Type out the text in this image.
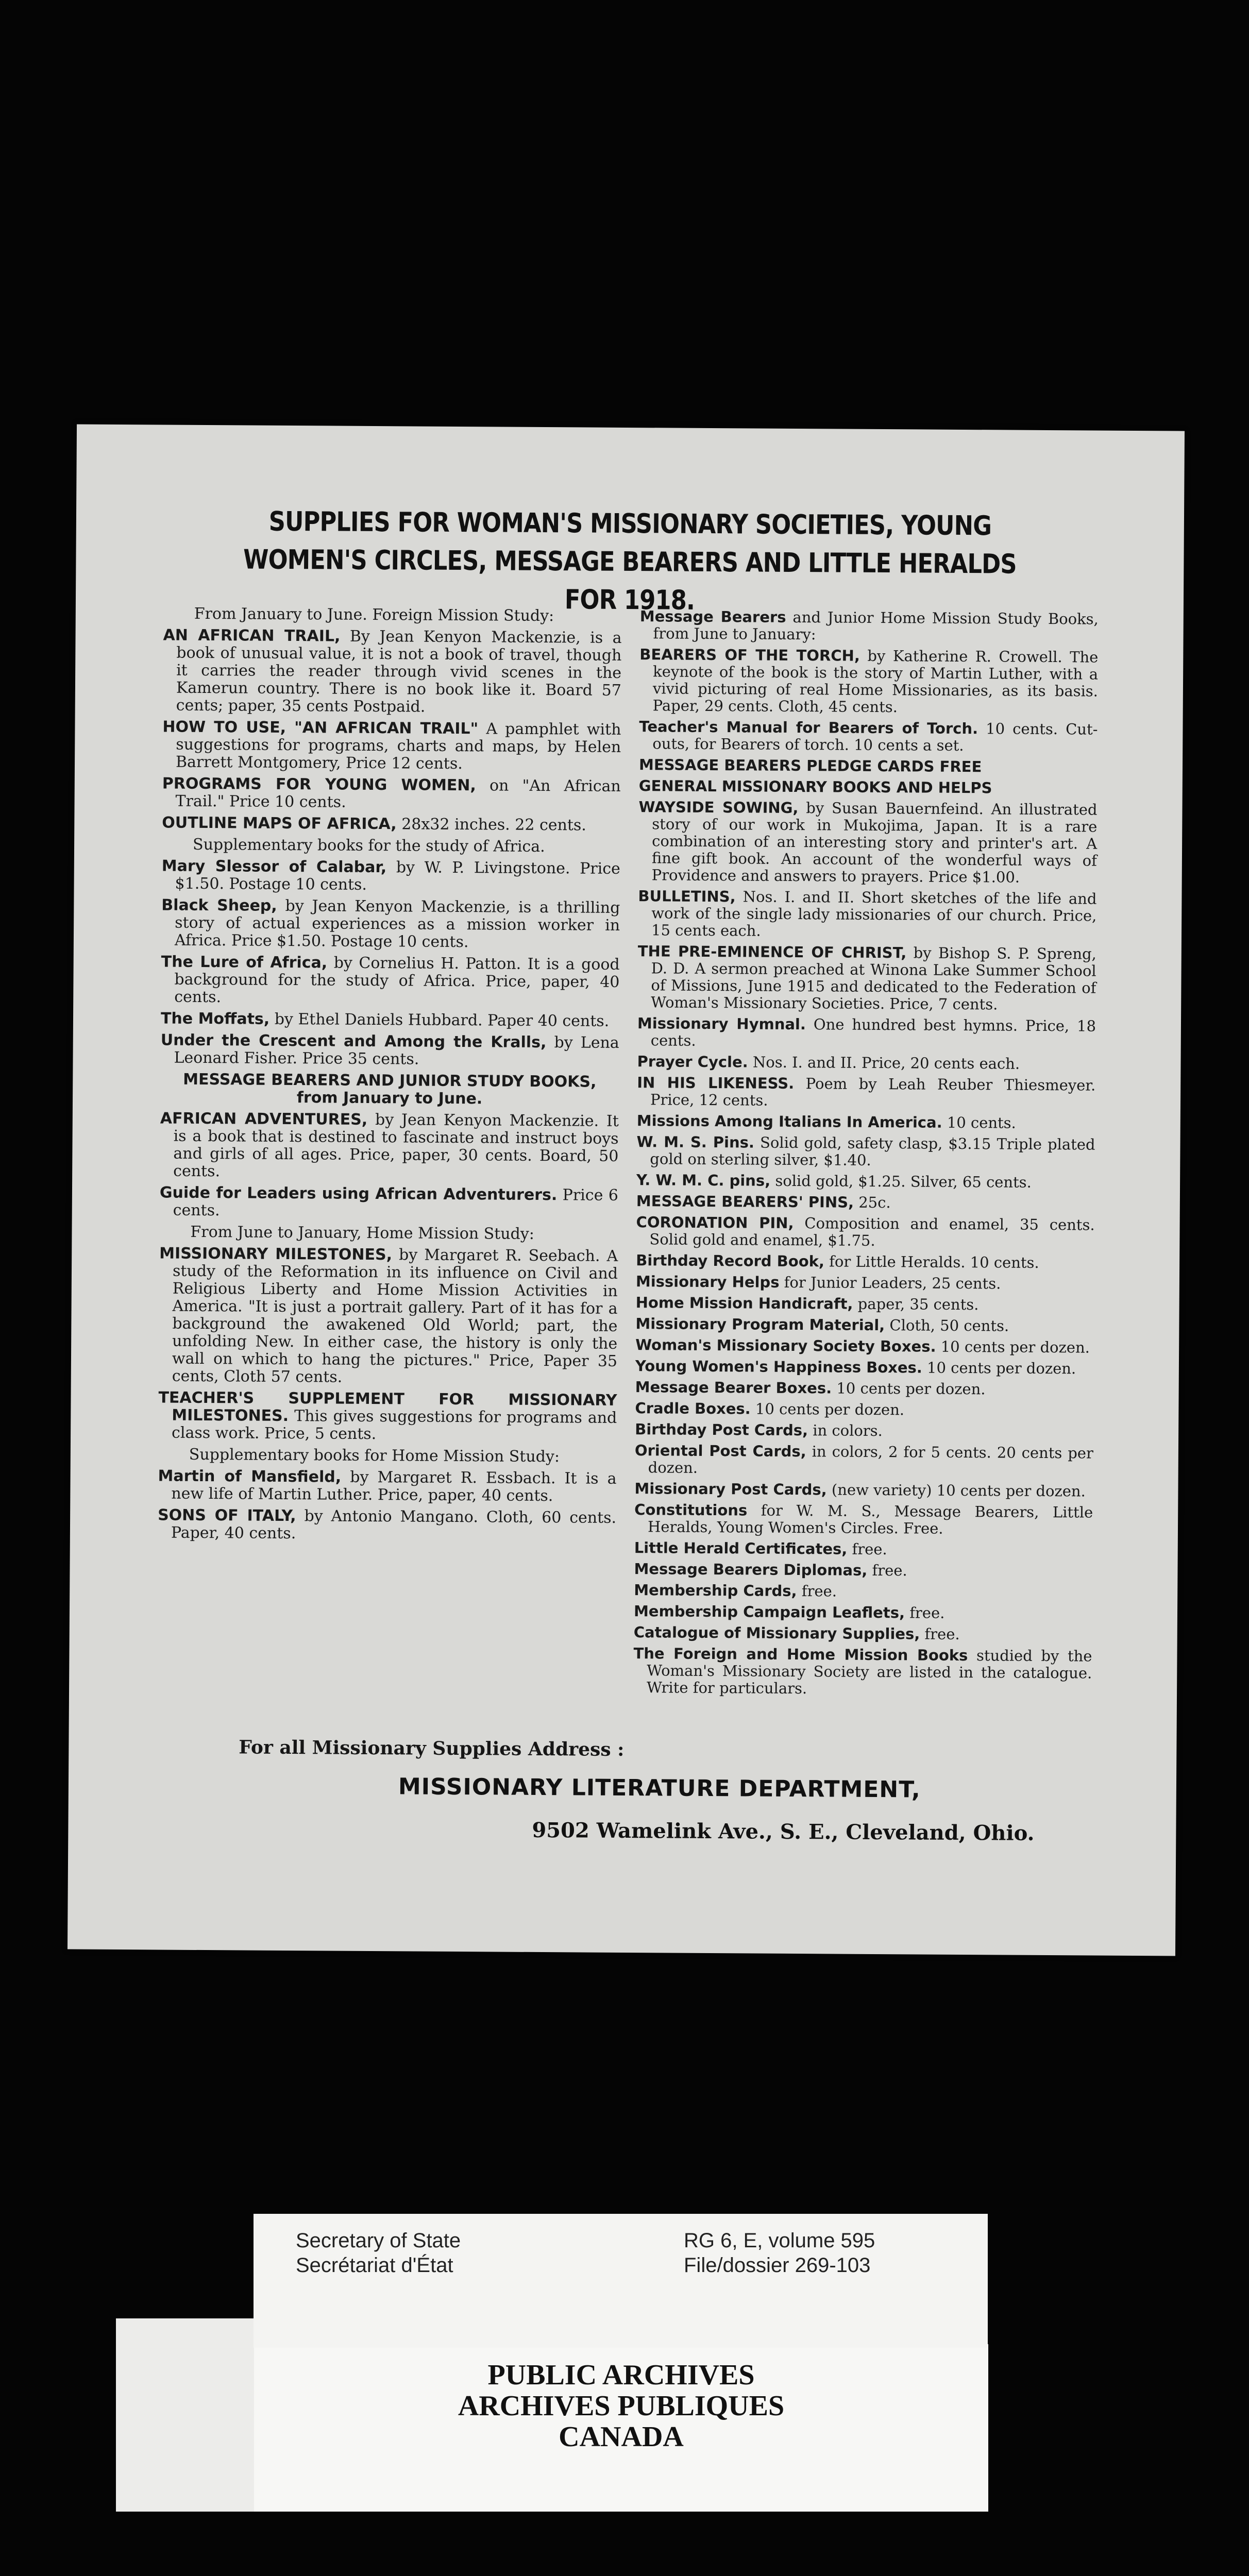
SUPPLIES FOR WOMAN'S MISSIONARY SOCIETIES, YOUNG WOMEN'S CIRCLES, MESSAGE BEARERS AND LITTLE HERALDS FOR 1918.
From January to June. Foreign Mission Study:
AN AFRICAN TRAIL, By Jean Kenyon Mackenzie, is a book of unusual value, it is not a book of travel, though it carries the reader through vivid scenes in the Kamerun country. There is no book like it. Board 57 cents; paper, 35 cents Postpaid.
HOW TO USE, "AN AFRICAN TRAIL" A pamphlet with suggestions for programs, charts and maps, by Helen Barrett Montgomery, Price 12 cents.
PROGRAMS FOR YOUNG WOMEN, on "An African Trail." Price 10 cents.
OUTLINE MAPS OF AFRICA, 28x32 inches. 22 cents.
Supplementary books for the study of Africa.
Mary Slessor of Calabar, by W. P. Livingstone. Price $1.50. Postage 10 cents.
Black Sheep, by Jean Kenyon Mackenzie, is a thrilling story of actual experiences as a mission worker in Africa. Price $1.50. Postage 10 cents.
The Lure of Africa, by Cornelius H. Patton. It is a good background for the study of Africa. Price, paper, 40 cents.
The Moffats, by Ethel Daniels Hubbard. Paper 40 cents.
Under the Crescent and Among the Kralls, by Lena Leonard Fisher. Price 35 cents.
MESSAGE BEARERS AND JUNIOR STUDY BOOKS, from January to June.
AFRICAN ADVENTURES, by Jean Kenyon Mackenzie. It is a book that is destined to fascinate and instruct boys and girls of all ages. Price, paper, 30 cents. Board, 50 cents.
Guide for Leaders using African Adventurers. Price 6 cents.
From June to January, Home Mission Study:
MISSIONARY MILESTONES, by Margaret R. Seebach. A study of the Reformation in its influence on Civil and Religious Liberty and Home Mission Activities in America. "It is just a portrait gallery. Part of it has for a background the awakened Old World; part, the unfolding New. In either case, the history is only the wall on which to hang the pictures." Price, Paper 35 cents, Cloth 57 cents.
TEACHER'S SUPPLEMENT FOR MISSIONARY MILESTONES. This gives suggestions for programs and class work. Price, 5 cents.
Supplementary books for Home Mission Study:
Martin of Mansfield, by Margaret R. Essbach. It is a new life of Martin Luther. Price, paper, 40 cents.
SONS OF ITALY, by Antonio Mangano. Cloth, 60 cents. Paper, 40 cents.
Message Bearers and Junior Home Mission Study Books, from June to January:
BEARERS OF THE TORCH, by Katherine R. Crowell. The keynote of the book is the story of Martin Luther, with a vivid picturing of real Home Missionaries, as its basis. Paper, 29 cents. Cloth, 45 cents.
Teacher's Manual for Bearers of Torch. 10 cents. Cut-outs, for Bearers of torch. 10 cents a set.
MESSAGE BEARERS PLEDGE CARDS FREE
GENERAL MISSIONARY BOOKS AND HELPS
WAYSIDE SOWING, by Susan Bauernfeind. An illustrated story of our work in Mukojima, Japan. It is a rare combination of an interesting story and printer's art. A fine gift book. An account of the wonderful ways of Providence and answers to prayers. Price $1.00.
BULLETINS, Nos. I. and II. Short sketches of the life and work of the single lady missionaries of our church. Price, 15 cents each.
THE PRE-EMINENCE OF CHRIST, by Bishop S. P. Spreng, D. D. A sermon preached at Winona Lake Summer School of Missions, June 1915 and dedicated to the Federation of Woman's Missionary Societies. Price, 7 cents.
Missionary Hymnal. One hundred best hymns. Price, 18 cents.
Prayer Cycle. Nos. I. and II. Price, 20 cents each.
IN HIS LIKENESS. Poem by Leah Reuber Thiesmeyer. Price, 12 cents.
Missions Among Italians In America. 10 cents.
W. M. S. Pins. Solid gold, safety clasp, $3.15 Triple plated gold on sterling silver, $1.40.
Y. W. M. C. pins, solid gold, $1.25. Silver, 65 cents.
MESSAGE BEARERS' PINS, 25c.
CORONATION PIN, Composition and enamel, 35 cents. Solid gold and enamel, $1.75.
Birthday Record Book, for Little Heralds. 10 cents.
Missionary Helps for Junior Leaders, 25 cents.
Home Mission Handicraft, paper, 35 cents.
Missionary Program Material, Cloth, 50 cents.
Woman's Missionary Society Boxes. 10 cents per dozen.
Young Women's Happiness Boxes. 10 cents per dozen.
Message Bearer Boxes. 10 cents per dozen.
Cradle Boxes. 10 cents per dozen.
Birthday Post Cards, in colors.
Oriental Post Cards, in colors, 2 for 5 cents. 20 cents per dozen.
Missionary Post Cards, (new variety) 10 cents per dozen.
Constitutions for W. M. S., Message Bearers, Little Heralds, Young Women's Circles. Free.
Little Herald Certificates, free.
Message Bearers Diplomas, free.
Membership Cards, free.
Membership Campaign Leaflets, free.
Catalogue of Missionary Supplies, free.
The Foreign and Home Mission Books studied by the Woman's Missionary Society are listed in the catalogue. Write for particulars.
For all Missionary Supplies Address :
MISSIONARY LITERATURE DEPARTMENT,
9502 Wamelink Ave., S. E., Cleveland, Ohio.
PUBLIC ARCHIVES
ARCHIVES PUBLIQUES
CANADA
Secretary of State
Secrétariat d'État
RG 6, E, volume 595
File/dossier 269-103
